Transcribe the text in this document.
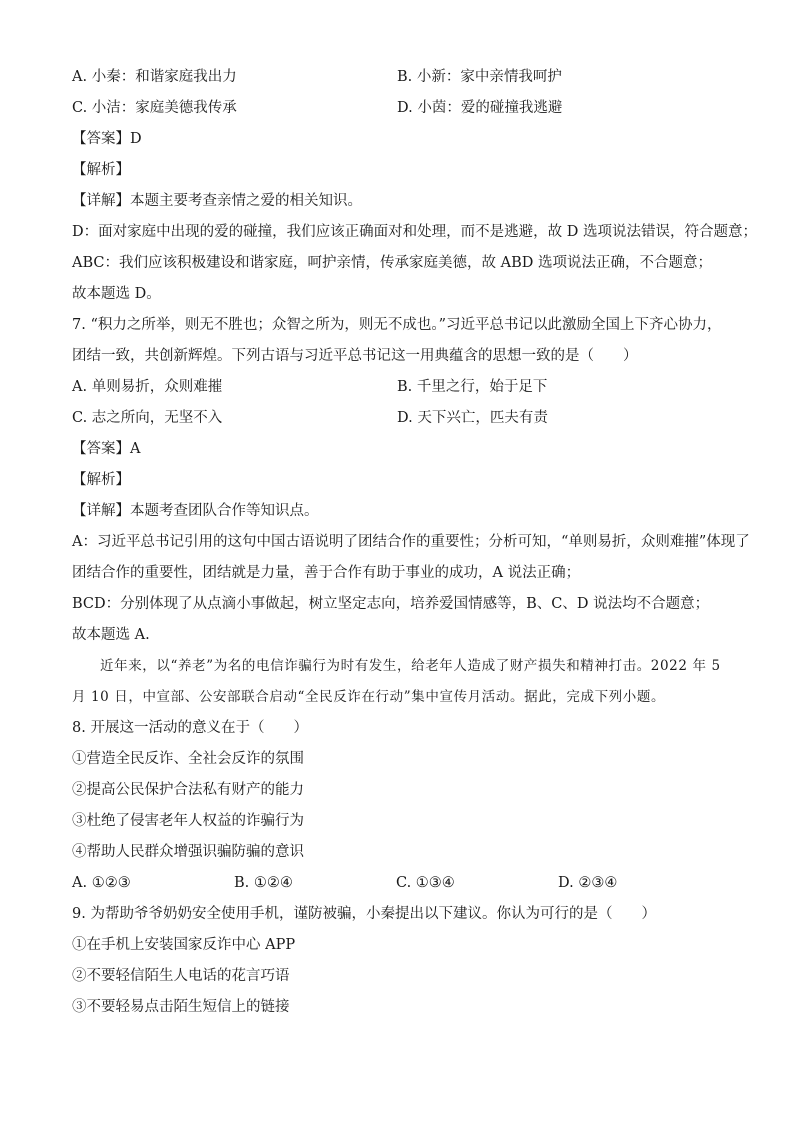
A. 小秦：和谐家庭我出力	B. 小新：家中亲情我呵护
C. 小洁：家庭美德我传承	D. 小茵：爱的碰撞我逃避
【答案】D
【解析】
【详解】本题主要考查亲情之爱的相关知识。
D：面对家庭中出现的爱的碰撞，我们应该正确面对和处理，而不是逃避，故 D 选项说法错误，符合题意；
ABC：我们应该积极建设和谐家庭，呵护亲情，传承家庭美德，故 ABD 选项说法正确，不合题意；
故本题选 D。
7. “积力之所举，则无不胜也；众智之所为，则无不成也。”习近平总书记以此激励全国上下齐心协力，
团结一致，共创新辉煌。下列古语与习近平总书记这一用典蕴含的思想一致的是（　　）
A. 单则易折，众则难摧	B. 千里之行，始于足下
C. 志之所向，无坚不入	D. 天下兴亡，匹夫有责
【答案】A
【解析】
【详解】本题考查团队合作等知识点。
A：习近平总书记引用的这句中国古语说明了团结合作的重要性；分析可知，“单则易折，众则难摧”体现了
团结合作的重要性，团结就是力量，善于合作有助于事业的成功，A 说法正确；
BCD：分别体现了从点滴小事做起，树立坚定志向，培养爱国情感等，B、C、D 说法均不合题意；
故本题选 A.
近年来，以“养老”为名的电信诈骗行为时有发生，给老年人造成了财产损失和精神打击。2022 年 5
月 10 日，中宣部、公安部联合启动“全民反诈在行动”集中宣传月活动。据此，完成下列小题。
8. 开展这一活动的意义在于（　　）
①营造全民反诈、全社会反诈的氛围
②提高公民保护合法私有财产的能力
③杜绝了侵害老年人权益的诈骗行为
④帮助人民群众增强识骗防骗的意识
A. ①②③	B. ①②④	C. ①③④	D. ②③④
9. 为帮助爷爷奶奶安全使用手机，谨防被骗，小秦提出以下建议。你认为可行的是（　　）
①在手机上安装国家反诈中心 APP
②不要轻信陌生人电话的花言巧语
③不要轻易点击陌生短信上的链接
